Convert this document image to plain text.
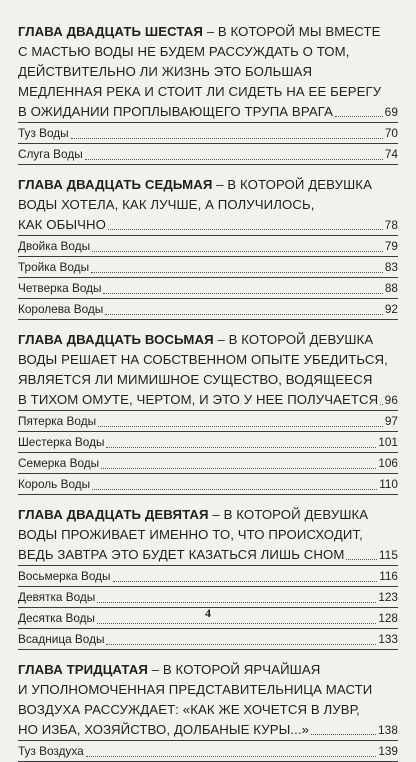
ГЛАВА ДВАДЦАТЬ ШЕСТАЯ – В КОТОРОЙ МЫ ВМЕСТЕ
С МАСТЬЮ ВОДЫ НЕ БУДЕМ РАССУЖДАТЬ О ТОМ,
ДЕЙСТВИТЕЛЬНО ЛИ ЖИЗНЬ ЭТО БОЛЬШАЯ
МЕДЛЕННАЯ РЕКА И СТОИТ ЛИ СИДЕТЬ НА ЕЕ БЕРЕГУ
В ОЖИДАНИИ ПРОПЛЫВАЮЩЕГО ТРУПА ВРАГА	69
Туз Воды	70
Слуга Воды	74
ГЛАВА ДВАДЦАТЬ СЕДЬМАЯ – В КОТОРОЙ ДЕВУШКА
ВОДЫ ХОТЕЛА, КАК ЛУЧШЕ, А ПОЛУЧИЛОСЬ,
КАК ОБЫЧНО	78
Двойка Воды	79
Тройка Воды	83
Четверка Воды	88
Королева Воды	92
ГЛАВА ДВАДЦАТЬ ВОСЬМАЯ – В КОТОРОЙ ДЕВУШКА
ВОДЫ РЕШАЕТ НА СОБСТВЕННОМ ОПЫТЕ УБЕДИТЬСЯ,
ЯВЛЯЕТСЯ ЛИ МИМИШНОЕ СУЩЕСТВО, ВОДЯЩЕЕСЯ
В ТИХОМ ОМУТЕ, ЧЕРТОМ, И ЭТО У НЕЕ ПОЛУЧАЕТСЯ 96
Пятерка Воды	97
Шестерка Воды	101
Семерка Воды	106
Король Воды	110
ГЛАВА ДВАДЦАТЬ ДЕВЯТАЯ – В КОТОРОЙ ДЕВУШКА
ВОДЫ ПРОЖИВАЕТ ИМЕННО ТО, ЧТО ПРОИСХОДИТ,
ВЕДЬ ЗАВТРА ЭТО БУДЕТ КАЗАТЬСЯ ЛИШЬ СНОМ	115
Восьмерка Воды	116
Девятка Воды	123
Десятка Воды	128
Всадница Воды	133
ГЛАВА ТРИДЦАТАЯ – В КОТОРОЙ ЯРЧАЙШАЯ
И УПОЛНОМОЧЕННАЯ ПРЕДСТАВИТЕЛЬНИЦА МАСТИ
ВОЗДУХА РАССУЖДАЕТ: «КАК ЖЕ ХОЧЕТСЯ В ЛУВР,
НО ИЗБА, ХОЗЯЙСТВО, ДОЛБАНЫЕ КУРЫ...»	138
Туз Воздуха	139
4
